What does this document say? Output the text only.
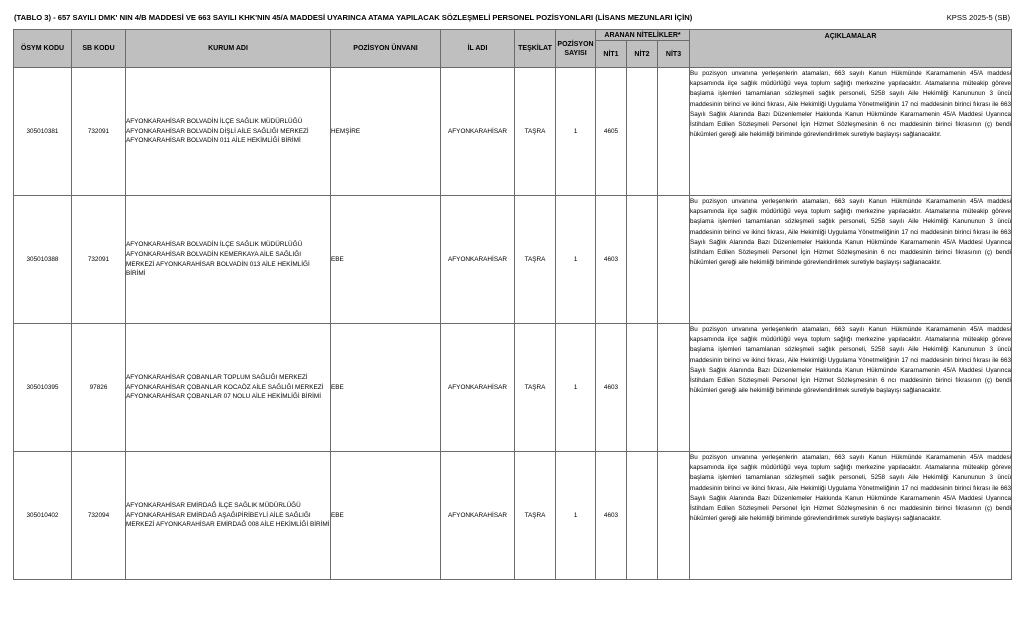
(TABLO 3) - 657 SAYILI DMK' NIN 4/B MADDESİ VE 663 SAYILI KHK'NIN 45/A MADDESİ UYARINCA ATAMA YAPILACAK SÖZLEŞMELİ PERSONEL POZİSYONLARI (LİSANS MEZUNLARI İÇİN)	KPSS 2025-5 (SB)
ÖSYM KODU	SB KODU	KURUM ADI	POZİSYON ÜNVANI	İL ADI	TEŞKİLAT	POZİSYON SAYISI	ARANAN NİTELİKLER*			AÇIKLAMALAR
							NİT1	NİT2	NİT3	
305010381	732091	AFYONKARAHİSAR BOLVADİN İLÇE SAĞLIK MÜDÜRLÜĞÜ AFYONKARAHİSAR BOLVADİN DİŞLİ AİLE SAĞLIĞI MERKEZİ AFYONKARAHİSAR BOLVADİN 011 AİLE HEKİMLİĞİ BİRİMİ	HEMŞİRE	AFYONKARAHİSAR	TAŞRA	1	4605			Bu pozisyon unvanına yerleşenlerin atamaları, 663 sayılı Kanun Hükmünde Kararnamenin 45/A maddesi kapsamında ilçe sağlık müdürlüğü veya toplum sağlığı merkezine yapılacaktır. Atamalarına müteakip göreve başlama işlemleri tamamlanan sözleşmeli sağlık personeli, 5258 sayılı Aile Hekimliği Kanununun 3 üncü maddesinin birinci ve ikinci fıkrası, Aile Hekimliği Uygulama Yönetmeliğinin 17 nci maddesinin birinci fıkrası ile 663 Sayılı Sağlık Alanında Bazı Düzenlemeler Hakkında Kanun Hükmünde Kararnamenin 45/A Maddesi Uyarınca İstihdam Edilen Sözleşmeli Personel İçin Hizmet Sözleşmesinin 6 ncı maddesinin birinci fıkrasının (ç) bendi hükümleri gereği aile hekimliği biriminde görevlendirilmek suretiyle başlayışı sağlanacaktır.

305010388	732091	AFYONKARAHİSAR BOLVADİN İLÇE SAĞLIK MÜDÜRLÜĞÜ AFYONKARAHİSAR BOLVADİN KEMERKAYA AİLE SAĞLIĞI MERKEZİ AFYONKARAHİSAR BOLVADİN 013 AİLE HEKİMLİĞİ BİRİMİ	EBE	AFYONKARAHİSAR	TAŞRA	1	4603			Bu pozisyon unvanına yerleşenlerin atamaları, 663 sayılı Kanun Hükmünde Kararnamenin 45/A maddesi kapsamında ilçe sağlık müdürlüğü veya toplum sağlığı merkezine yapılacaktır. Atamalarına müteakip göreve başlama işlemleri tamamlanan sözleşmeli sağlık personeli, 5258 sayılı Aile Hekimliği Kanununun 3 üncü maddesinin birinci ve ikinci fıkrası, Aile Hekimliği Uygulama Yönetmeliğinin 17 nci maddesinin birinci fıkrası ile 663 Sayılı Sağlık Alanında Bazı Düzenlemeler Hakkında Kanun Hükmünde Kararnamenin 45/A Maddesi Uyarınca İstihdam Edilen Sözleşmeli Personel İçin Hizmet Sözleşmesinin 6 ncı maddesinin birinci fıkrasının (ç) bendi hükümleri gereği aile hekimliği biriminde görevlendirilmek suretiyle başlayışı sağlanacaktır.

305010395	97826	AFYONKARAHİSAR ÇOBANLAR TOPLUM SAĞLIĞI MERKEZİ AFYONKARAHİSAR ÇOBANLAR KOCAÖZ AİLE SAĞLIĞI MERKEZİ AFYONKARAHİSAR ÇOBANLAR 07 NOLU AİLE HEKİMLİĞİ BİRİMİ	EBE	AFYONKARAHİSAR	TAŞRA	1	4603			Bu pozisyon unvanına yerleşenlerin atamaları, 663 sayılı Kanun Hükmünde Kararnamenin 45/A maddesi kapsamında ilçe sağlık müdürlüğü veya toplum sağlığı merkezine yapılacaktır. Atamalarına müteakip göreve başlama işlemleri tamamlanan sözleşmeli sağlık personeli, 5258 sayılı Aile Hekimliği Kanununun 3 üncü maddesinin birinci ve ikinci fıkrası, Aile Hekimliği Uygulama Yönetmeliğinin 17 nci maddesinin birinci fıkrası ile 663 Sayılı Sağlık Alanında Bazı Düzenlemeler Hakkında Kanun Hükmünde Kararnamenin 45/A Maddesi Uyarınca İstihdam Edilen Sözleşmeli Personel İçin Hizmet Sözleşmesinin 6 ncı maddesinin birinci fıkrasının (ç) bendi hükümleri gereği aile hekimliği biriminde görevlendirilmek suretiyle başlayışı sağlanacaktır.

305010402	732094	AFYONKARAHİSAR EMİRDAĞ İLÇE SAĞLIK MÜDÜRLÜĞÜ AFYONKARAHİSAR EMİRDAĞ AŞAĞIPİRİBEYLİ AİLE SAĞLIĞI MERKEZİ AFYONKARAHİSAR EMİRDAĞ 008 AİLE HEKİMLİĞİ BİRİMİ	EBE	AFYONKARAHİSAR	TAŞRA	1	4603			Bu pozisyon unvanına yerleşenlerin atamaları, 663 sayılı Kanun Hükmünde Kararnamenin 45/A maddesi kapsamında ilçe sağlık müdürlüğü veya toplum sağlığı merkezine yapılacaktır. Atamalarına müteakip göreve başlama işlemleri tamamlanan sözleşmeli sağlık personeli, 5258 sayılı Aile Hekimliği Kanununun 3 üncü maddesinin birinci ve ikinci fıkrası, Aile Hekimliği Uygulama Yönetmeliğinin 17 nci maddesinin birinci fıkrası ile 663 Sayılı Sağlık Alanında Bazı Düzenlemeler Hakkında Kanun Hükmünde Kararnamenin 45/A Maddesi Uyarınca İstihdam Edilen Sözleşmeli Personel İçin Hizmet Sözleşmesinin 6 ncı maddesinin birinci fıkrasının (ç) bendi hükümleri gereği aile hekimliği biriminde görevlendirilmek suretiyle başlayışı sağlanacaktır.
